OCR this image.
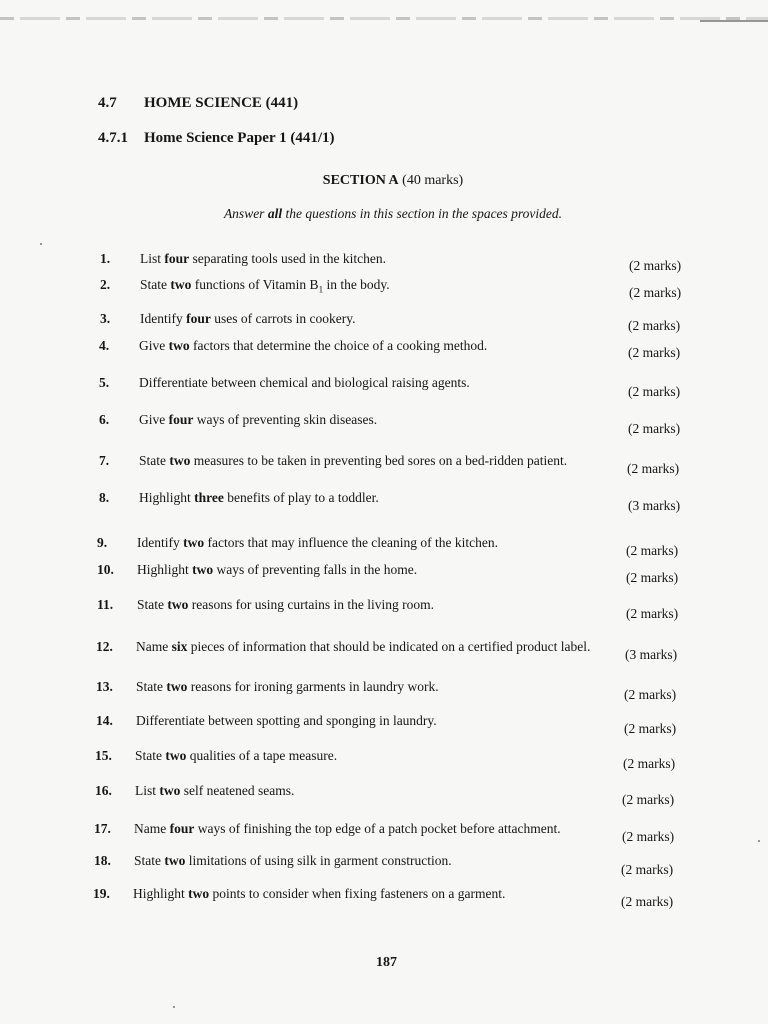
4.7 HOME SCIENCE (441)
4.7.1 Home Science Paper 1 (441/1)
SECTION A (40 marks)
Answer all the questions in this section in the spaces provided.
1. List four separating tools used in the kitchen.	(2 marks)
2. State two functions of Vitamin $B_1$ in the body.
(2 marks)
3. Identify four uses of carrots in cookery.	(2 marks)
4. Give two factors that determine the choice of a cooking method.	(2 marks)
5. Differentiate between chemical and biological raising agents.
(2 marks)
6. Give four ways of preventing skin diseases.
(2 marks)
7. State two measures to be taken in preventing bed sores on a bed-ridden patient.
(2 marks)
8. Highlight three benefits of play to a toddler.
(3 marks)
9. Identify two factors that may influence the cleaning of the kitchen.
(2 marks)
10. Highlight two ways of preventing falls in the home.
(2 marks)
11. State two reasons for using curtains in the living room.
(2 marks)
12. Name six pieces of information that should be indicated on a certified product label.
(3 marks)
13. State two reasons for ironing garments in laundry work.
(2 marks)
14. Differentiate between spotting and sponging in laundry.
(2 marks)
15. State two qualities of a tape measure.
(2 marks)
16. List two self neatened seams.
(2 marks)
17. Name four ways of finishing the top edge of a patch pocket before attachment.
(2 marks)
18. State two limitations of using silk in garment construction.
(2 marks)
19. Highlight two points to consider when fixing fasteners on a garment.
(2 marks)
187
